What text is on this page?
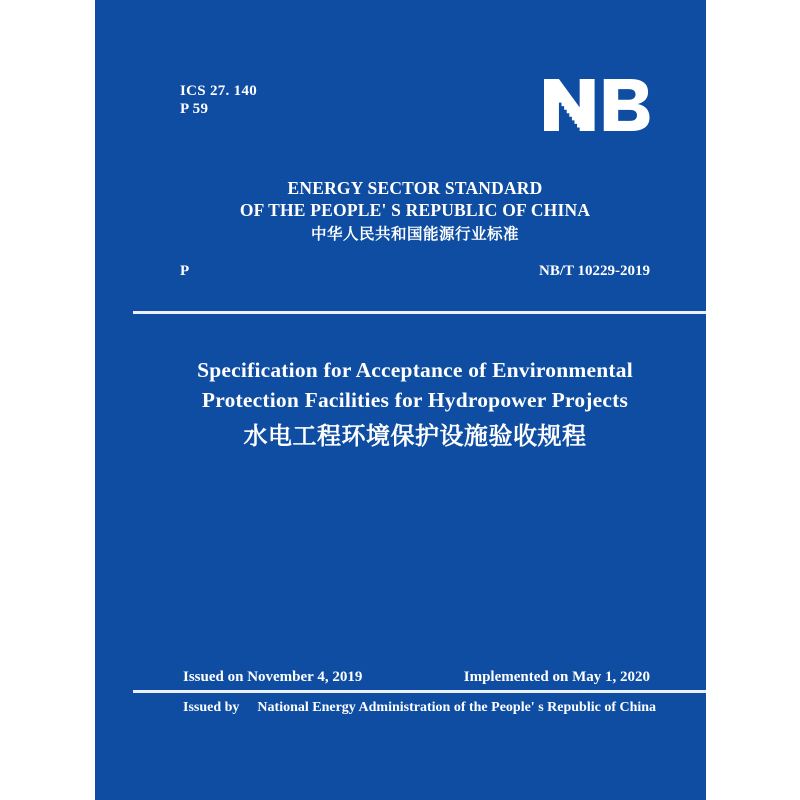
ICS 27. 140
P 59
ENERGY SECTOR STANDARD
OF THE PEOPLE' S REPUBLIC OF CHINA
中华人民共和国能源行业标准
P	NB/T 10229-2019
Specification for Acceptance of Environmental
Protection Facilities for Hydropower Projects
水电工程环境保护设施验收规程
Issued on November 4, 2019	Implemented on May 1, 2020
Issued by National Energy Administration of the People' s Republic of China
